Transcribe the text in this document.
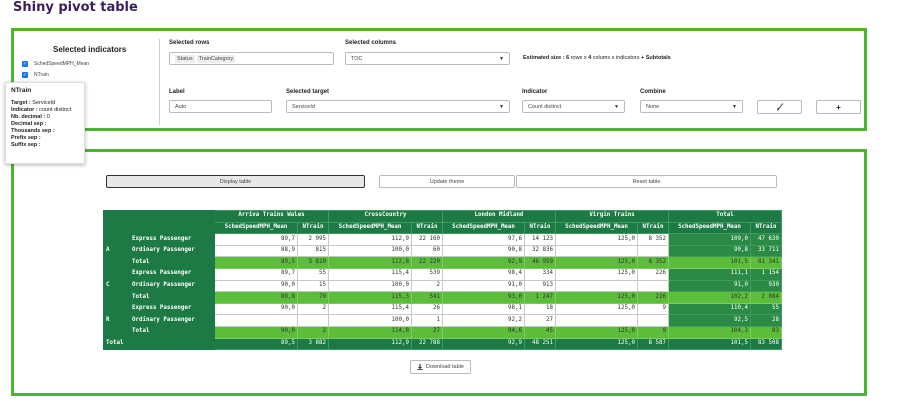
Shiny pivot table
Selected indicators
✓ SchedSpeedMPH_Mean
✓ NTrain
Selected rows
Status	TrainCategory
Selected columns
TOC	▼	Estimated size : 6 rows x 4 colums x indicators + Subtotals
Label
Auto
Selected target
ServiceId	▼
Indicator
Count distinct	▼
Combine
None	▼	+
NTrain
Target : ServiceId
Indicator : count distinct
Nb. decimal : 0
Decimal sep :
Thousands sep :
Prefix sep :
Suffix sep :
Display table	Update theme	Reset table
		Arriva Trains Wales		CrossCountry		London Midland		Virgin Trains		Total	
		SchedSpeedMPH_Mean	NTrain	SchedSpeedMPH_Mean	NTrain	SchedSpeedMPH_Mean	NTrain	SchedSpeedMPH_Mean	NTrain	SchedSpeedMPH_Mean	NTrain
A	Express Passenger	89,7	2 995	112,9	22 160	97,6	14 123	125,0	8 352	109,0	47 630
	Ordinary Passenger	88,9	815	100,0	60	90,8	32 836			90,8	33 711
	Total	89,5	3 810	112,8	22 220	92,9	46 959	125,0	8 352	101,5	81 341
C	Express Passenger	89,7	55	115,4	539	98,4	334	125,0	226	111,1	1 154
	Ordinary Passenger	90,0	15	100,0	2	91,0	913			91,0	930
	Total	89,8	70	115,3	541	93,0	1 247	125,0	226	102,2	2 084
R	Express Passenger	90,0	2	115,4	26	98,1	18	125,0	9	110,4	55
	Ordinary Passenger			100,0	1	92,2	27			92,5	28
	Total	90,0	2	114,8	27	94,6	45	125,0	9	104,3	83
Total		89,5	3 882	112,9	22 788	92,9	48 251	125,0	8 587	101,5	83 508
Download table
